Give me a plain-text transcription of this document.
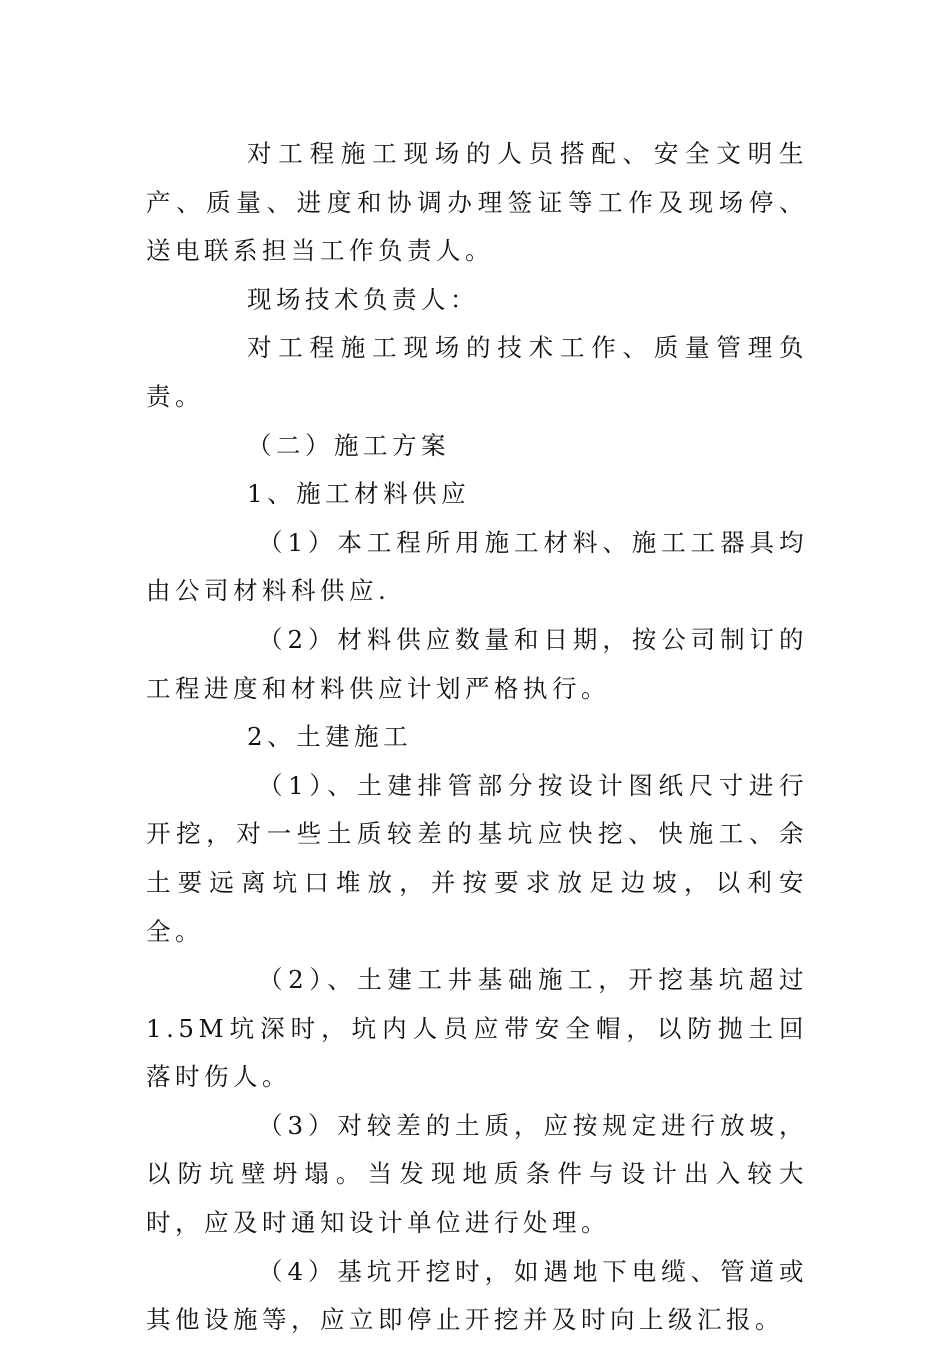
对工程施工现场的人员搭配、安全文明生产、质量、进度和协调办理签证等工作及现场停、送电联系担当工作负责人。

现场技术负责人：

对工程施工现场的技术工作、质量管理负责。

（二）施工方案

1、施工材料供应

（1）本工程所用施工材料、施工工器具均由公司材料科供应.

（2）材料供应数量和日期，按公司制订的工程进度和材料供应计划严格执行。

2、土建施工

（1）、土建排管部分按设计图纸尺寸进行开挖，对一些土质较差的基坑应快挖、快施工、余土要远离坑口堆放，并按要求放足边坡，以利安全。

（2）、土建工井基础施工，开挖基坑超过1.5M坑深时，坑内人员应带安全帽，以防抛土回落时伤人。

（3）对较差的土质，应按规定进行放坡，以防坑壁坍塌。当发现地质条件与设计出入较大时，应及时通知设计单位进行处理。

（4）基坑开挖时，如遇地下电缆、管道或其他设施等，应立即停止开挖并及时向上级汇报。
